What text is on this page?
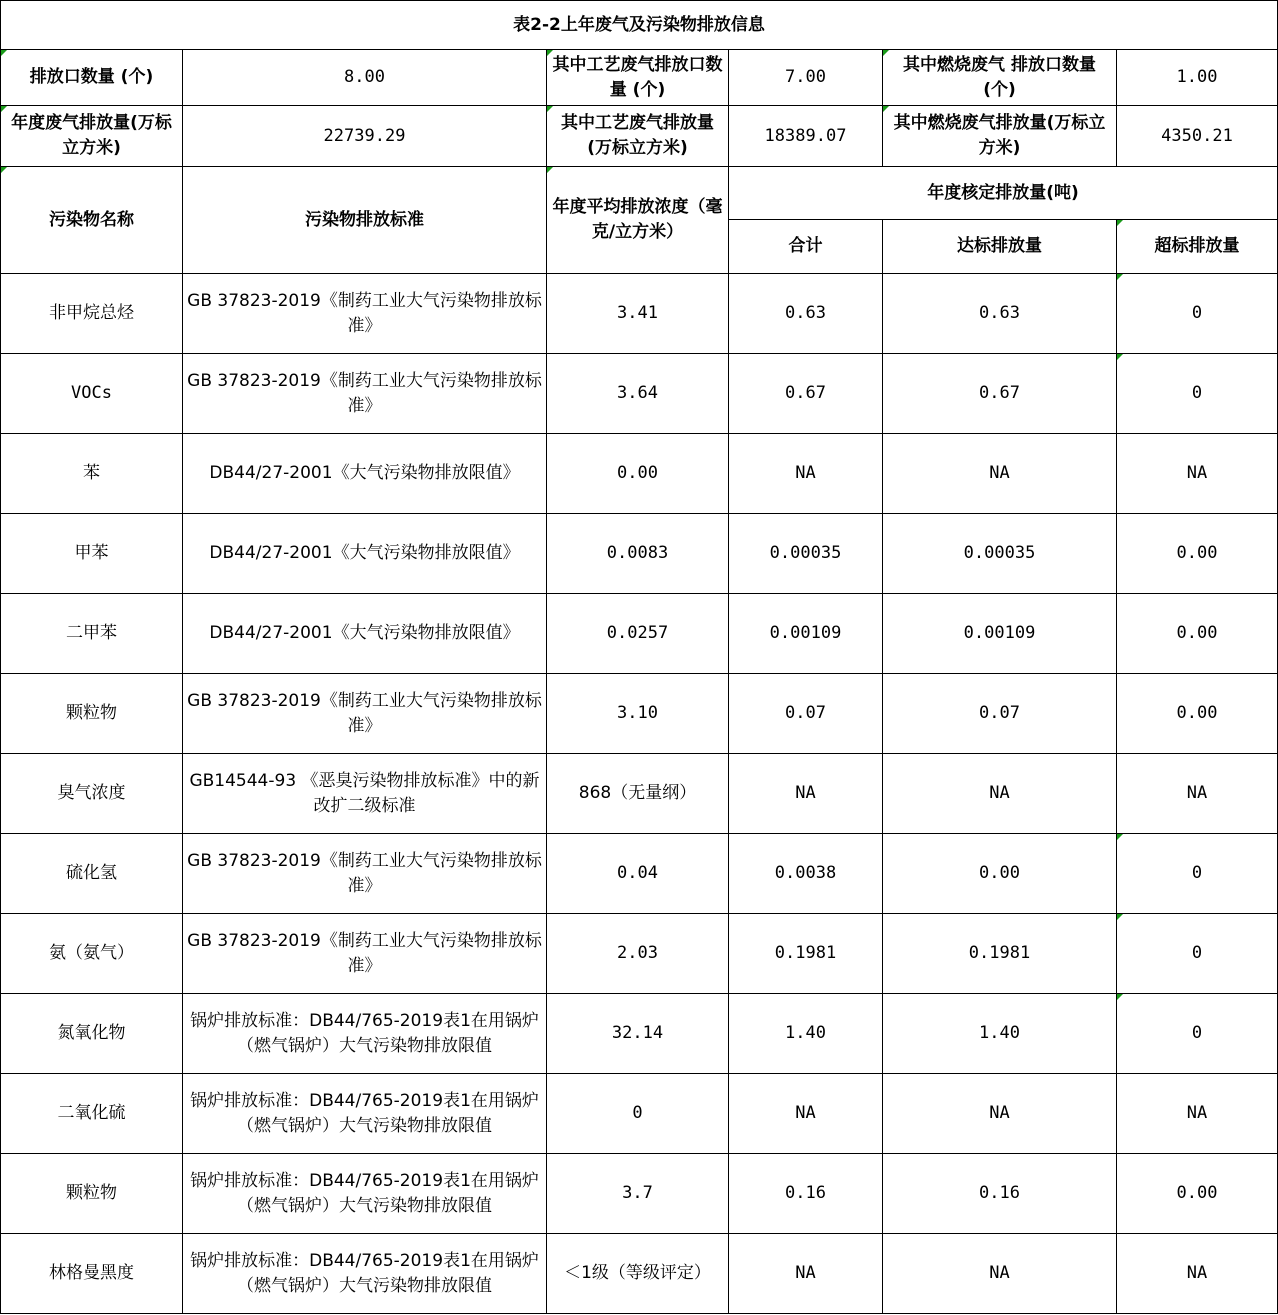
表2-2上年废气及污染物排放信息					
排放口数量 (个)	8.00	其中工艺废气排放口数量 (个)	7.00	其中燃烧废气 排放口数量(个)	1.00
年度废气排放量(万标立方米)	22739.29	其中工艺废气排放量 (万标立方米)	18389.07	其中燃烧废气排放量(万标立方米)	4350.21
污染物名称	污染物排放标准	年度平均排放浓度（毫克/立方米）	年度核定排放量(吨)		
			合计	达标排放量	超标排放量
非甲烷总烃	GB 37823-2019《制药工业大气污染物排放标准》	3.41	0.63	0.63	0
VOCs	GB 37823-2019《制药工业大气污染物排放标准》	3.64	0.67	0.67	0
苯	DB44/27-2001《大气污染物排放限值》	0.00	NA	NA	NA
甲苯	DB44/27-2001《大气污染物排放限值》	0.0083	0.00035	0.00035	0.00
二甲苯	DB44/27-2001《大气污染物排放限值》	0.0257	0.00109	0.00109	0.00
颗粒物	GB 37823-2019《制药工业大气污染物排放标准》	3.10	0.07	0.07	0.00
臭气浓度	GB14544-93 《恶臭污染物排放标准》中的新改扩二级标准	868（无量纲）	NA	NA	NA
硫化氢	GB 37823-2019《制药工业大气污染物排放标准》	0.04	0.0038	0.00	0
氨（氨气）	GB 37823-2019《制药工业大气污染物排放标准》	2.03	0.1981	0.1981	0
氮氧化物	锅炉排放标准：DB44/765-2019表1在用锅炉（燃气锅炉）大气污染物排放限值	32.14	1.40	1.40	0
二氧化硫	锅炉排放标准：DB44/765-2019表1在用锅炉（燃气锅炉）大气污染物排放限值	0	NA	NA	NA
颗粒物	锅炉排放标准：DB44/765-2019表1在用锅炉（燃气锅炉）大气污染物排放限值	3.7	0.16	0.16	0.00
林格曼黑度	锅炉排放标准：DB44/765-2019表1在用锅炉（燃气锅炉）大气污染物排放限值	＜1级（等级评定）	NA	NA	NA
